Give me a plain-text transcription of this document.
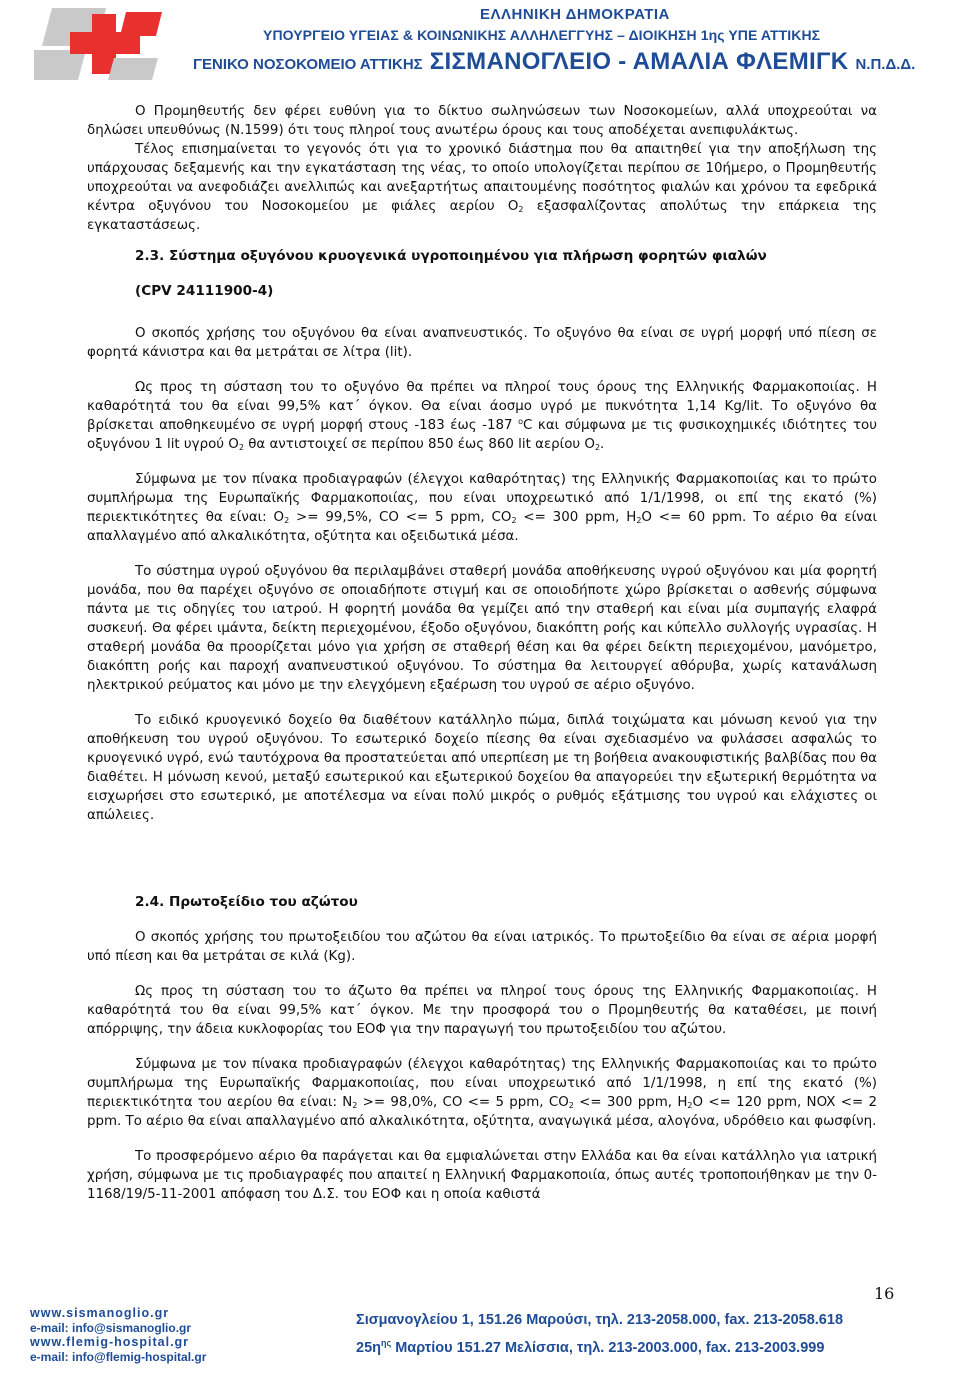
ΕΛΛΗΝΙΚΗ ΔΗΜΟΚΡΑΤΙΑ
ΥΠΟΥΡΓΕΙΟ ΥΓΕΙΑΣ & ΚΟΙΝΩΝΙΚΗΣ ΑΛΛΗΛΕΓΓΥΗΣ – ΔΙΟΙΚΗΣΗ 1ης ΥΠΕ ΑΤΤΙΚΗΣ
ΓΕΝΙΚΟ ΝΟΣΟΚΟΜΕΙΟ ΑΤΤΙΚΗΣ ΣΙΣΜΑΝΟΓΛΕΙΟ - ΑΜΑΛΙΑ ΦΛΕΜΙΓΚ Ν.Π.Δ.Δ.

Ο Προμηθευτής δεν φέρει ευθύνη για το δίκτυο σωληνώσεων των Νοσοκομείων, αλλά υποχρεούται να δηλώσει υπευθύνως (Ν.1599) ότι τους πληροί τους ανωτέρω όρους και τους αποδέχεται ανεπιφυλάκτως.

Τέλος επισημαίνεται το γεγονός ότι για το χρονικό διάστημα που θα απαιτηθεί για την αποξήλωση της υπάρχουσας δεξαμενής και την εγκατάσταση της νέας, το οποίο υπολογίζεται περίπου σε 10ήμερο, ο Προμηθευτής υποχρεούται να ανεφοδιάζει ανελλιπώς και ανεξαρτήτως απαιτουμένης ποσότητος φιαλών και χρόνου τα εφεδρικά κέντρα οξυγόνου του Νοσοκομείου με φιάλες αερίου $O_2$ εξασφαλίζοντας απολύτως την επάρκεια της εγκαταστάσεως.

2.3. Σύστημα οξυγόνου κρυογενικά υγροποιημένου για πλήρωση φορητών φιαλών
(CPV 24111900-4)

Ο σκοπός χρήσης του οξυγόνου θα είναι αναπνευστικός. Το οξυγόνο θα είναι σε υγρή μορφή υπό πίεση σε φορητά κάνιστρα και θα μετράται σε λίτρα (lit).

Ως προς τη σύσταση του το οξυγόνο θα πρέπει να πληροί τους όρους της Ελληνικής Φαρμακοποιίας. Η καθαρότητά του θα είναι 99,5% κατ΄ όγκον. Θα είναι άοσμο υγρό με πυκνότητα 1,14 Kg/lit. Το οξυγόνο θα βρίσκεται αποθηκευμένο σε υγρή μορφή στους -183 έως -187 $^o$C και σύμφωνα με τις φυσικοχημικές ιδιότητες του οξυγόνου 1 lit υγρού $O_2$ θα αντιστοιχεί σε περίπου 850 έως 860 lit αερίου $O_2$.

Σύμφωνα με τον πίνακα προδιαγραφών (έλεγχοι καθαρότητας) της Ελληνικής Φαρμακοποιίας και το πρώτο συμπλήρωμα της Ευρωπαϊκής Φαρμακοποιίας, που είναι υποχρεωτικό από 1/1/1998, οι επί της εκατό (%) περιεκτικότητες θα είναι: $O_2 >= 99,5\%$, CO <= 5 ppm, $CO_2 <= 300$ ppm, $H_2O <= 60$ ppm. Το αέριο θα είναι απαλλαγμένο από αλκαλικότητα, οξύτητα και οξειδωτικά μέσα.

Το σύστημα υγρού οξυγόνου θα περιλαμβάνει σταθερή μονάδα αποθήκευσης υγρού οξυγόνου και μία φορητή μονάδα, που θα παρέχει οξυγόνο σε οποιαδήποτε στιγμή και σε οποιοδήποτε χώρο βρίσκεται ο ασθενής σύμφωνα πάντα με τις οδηγίες του ιατρού. Η φορητή μονάδα θα γεμίζει από την σταθερή και είναι μία συμπαγής ελαφρά συσκευή. Θα φέρει ιμάντα, δείκτη περιεχομένου, έξοδο οξυγόνου, διακόπτη ροής και κύπελλο συλλογής υγρασίας. Η σταθερή μονάδα θα προορίζεται μόνο για χρήση σε σταθερή θέση και θα φέρει δείκτη περιεχομένου, μανόμετρο, διακόπτη ροής και παροχή αναπνευστικού οξυγόνου. Το σύστημα θα λειτουργεί αθόρυβα, χωρίς κατανάλωση ηλεκτρικού ρεύματος και μόνο με την ελεγχόμενη εξαέρωση του υγρού σε αέριο οξυγόνο.

Το ειδικό κρυογενικό δοχείο θα διαθέτουν κατάλληλο πώμα, διπλά τοιχώματα και μόνωση κενού για την αποθήκευση του υγρού οξυγόνου. Το εσωτερικό δοχείο πίεσης θα είναι σχεδιασμένο να φυλάσσει ασφαλώς το κρυογενικό υγρό, ενώ ταυτόχρονα θα προστατεύεται από υπερπίεση με τη βοήθεια ανακουφιστικής βαλβίδας που θα διαθέτει. Η μόνωση κενού, μεταξύ εσωτερικού και εξωτερικού δοχείου θα απαγορεύει την εξωτερική θερμότητα να εισχωρήσει στο εσωτερικό, με αποτέλεσμα να είναι πολύ μικρός ο ρυθμός εξάτμισης του υγρού και ελάχιστες οι απώλειες.

2.4. Πρωτοξείδιο του αζώτου

Ο σκοπός χρήσης του πρωτοξειδίου του αζώτου θα είναι ιατρικός. Το πρωτοξείδιο θα είναι σε αέρια μορφή υπό πίεση και θα μετράται σε κιλά (Kg).

Ως προς τη σύσταση του το άζωτο θα πρέπει να πληροί τους όρους της Ελληνικής Φαρμακοποιίας. Η καθαρότητά του θα είναι 99,5% κατ΄ όγκον. Με την προσφορά του ο Προμηθευτής θα καταθέσει, με ποινή απόρριψης, την άδεια κυκλοφορίας του ΕΟΦ για την παραγωγή του πρωτοξειδίου του αζώτου.

Σύμφωνα με τον πίνακα προδιαγραφών (έλεγχοι καθαρότητας) της Ελληνικής Φαρμακοποιίας και το πρώτο συμπλήρωμα της Ευρωπαϊκής Φαρμακοποιίας, που είναι υποχρεωτικό από 1/1/1998, η επί της εκατό (%) περιεκτικότητα του αερίου θα είναι: $N_2 >= 98,0\%$, CO <= 5 ppm, $CO_2 <= 300$ ppm, $H_2O <= 120$ ppm, NOX <= 2 ppm. Το αέριο θα είναι απαλλαγμένο από αλκαλικότητα, οξύτητα, αναγωγικά μέσα, αλογόνα, υδρόθειο και φωσφίνη.

Το προσφερόμενο αέριο θα παράγεται και θα εμφιαλώνεται στην Ελλάδα και θα είναι κατάλληλο για ιατρική χρήση, σύμφωνα με τις προδιαγραφές που απαιτεί η Ελληνική Φαρμακοποιία, όπως αυτές τροποποιήθηκαν με την 0-1168/19/5-11-2001 απόφαση του Δ.Σ. του ΕΟΦ και η οποία καθιστά

16
www.sismanoglio.gr
e-mail: info@sismanoglio.gr
www.flemig-hospital.gr
e-mail: info@flemig-hospital.gr
Σισμανογλείου 1, 151.26 Μαρούσι, τηλ. 213-2058.000, fax. 213-2058.618
$25\eta^{\eta\varsigma}$ Μαρτίου 151.27 Μελίσσια, τηλ. 213-2003.000, fax. 213-2003.999
